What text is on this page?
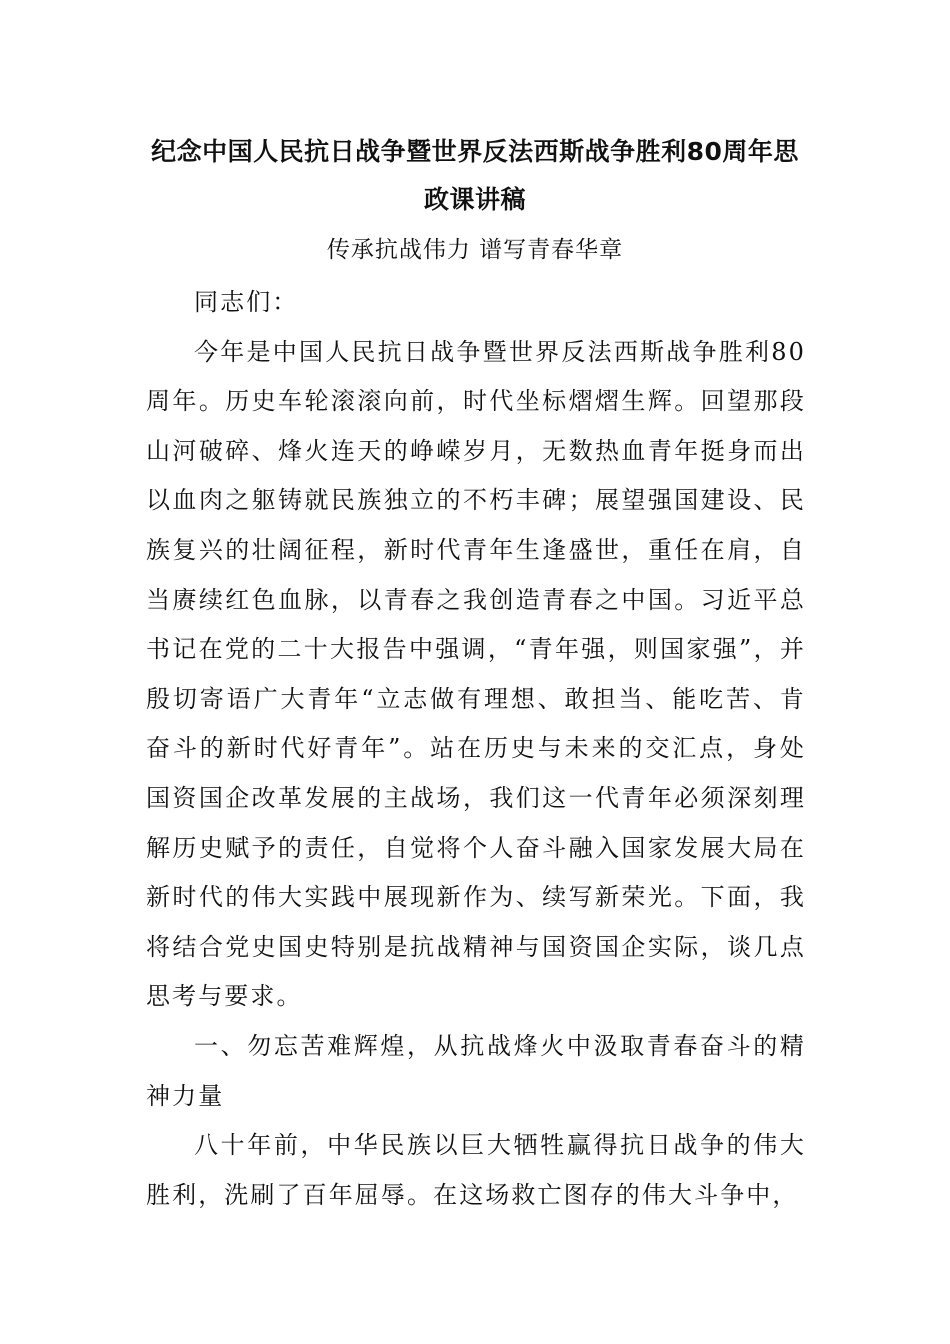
纪念中国人民抗日战争暨世界反法西斯战争胜利80周年思政课讲稿
传承抗战伟力 谱写青春华章

同志们：

今年是中国人民抗日战争暨世界反法西斯战争胜利80周年。历史车轮滚滚向前，时代坐标熠熠生辉。回望那段山河破碎、烽火连天的峥嵘岁月，无数热血青年挺身而出以血肉之躯铸就民族独立的不朽丰碑；展望强国建设、民族复兴的壮阔征程，新时代青年生逢盛世，重任在肩，自当赓续红色血脉，以青春之我创造青春之中国。习近平总书记在党的二十大报告中强调，“青年强，则国家强”，并殷切寄语广大青年“立志做有理想、敢担当、能吃苦、肯奋斗的新时代好青年”。站在历史与未来的交汇点，身处国资国企改革发展的主战场，我们这一代青年必须深刻理解历史赋予的责任，自觉将个人奋斗融入国家发展大局在新时代的伟大实践中展现新作为、续写新荣光。下面，我将结合党史国史特别是抗战精神与国资国企实际，谈几点思考与要求。

一、勿忘苦难辉煌，从抗战烽火中汲取青春奋斗的精神力量

八十年前，中华民族以巨大牺牲赢得抗日战争的伟大胜利，洗刷了百年屈辱。在这场救亡图存的伟大斗争中，
